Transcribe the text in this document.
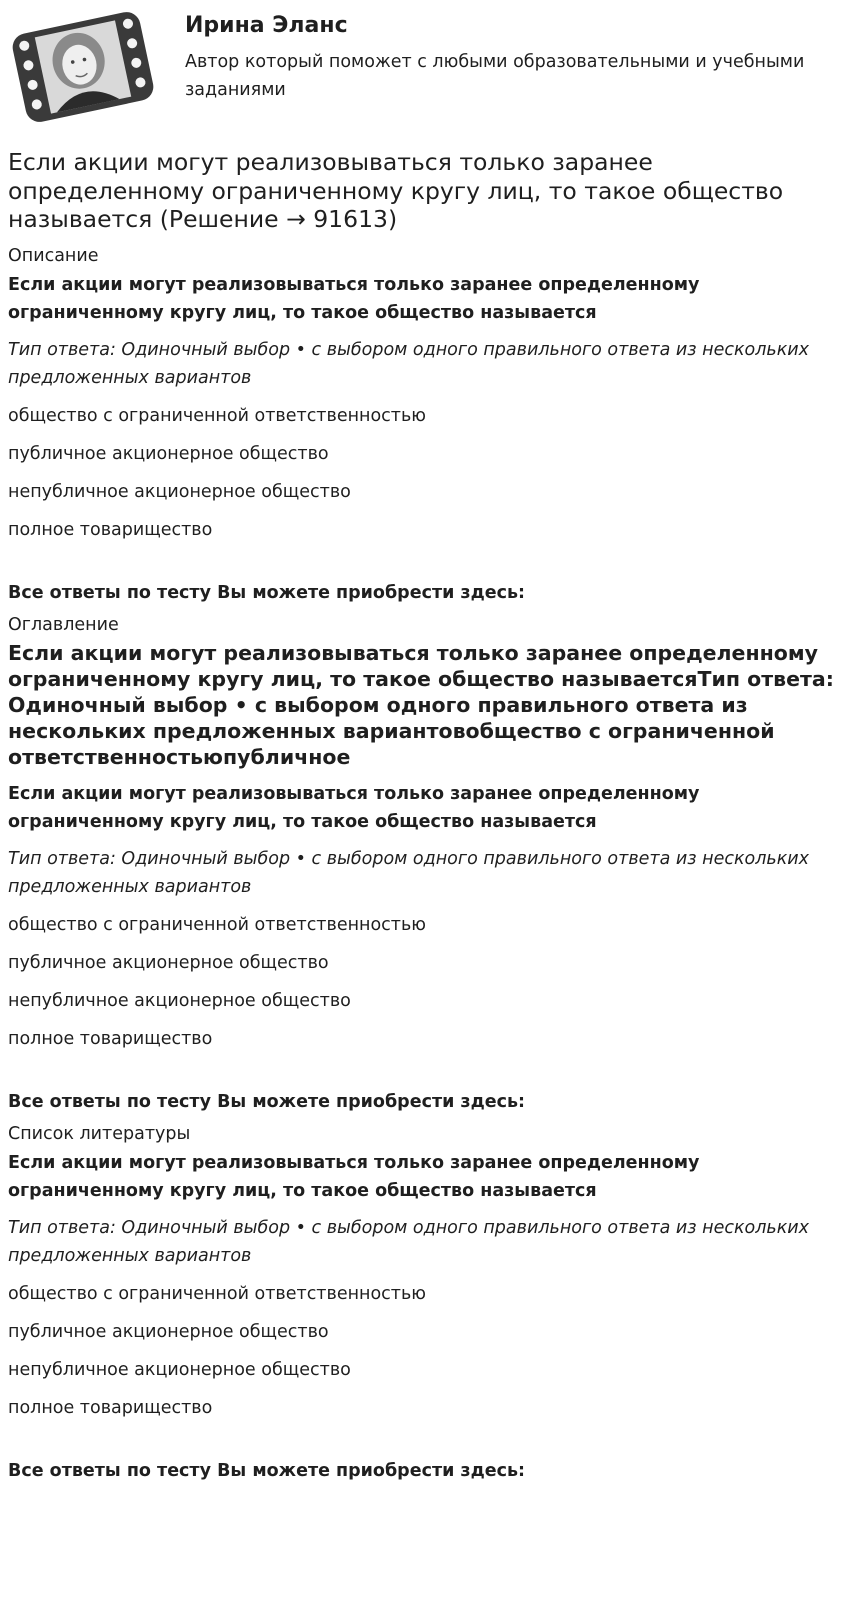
Ирина Эланс
Автор который поможет с любыми образовательными и учебными заданиями
Если акции могут реализовываться только заранее определенному ограниченному кругу лиц, то такое общество называется (Решение → 91613)
Описание
Если акции могут реализовываться только заранее определенному ограниченному кругу лиц, то такое общество называется
Тип ответа: Одиночный выбор • с выбором одного правильного ответа из нескольких предложенных вариантов
общество с ограниченной ответственностью
публичное акционерное общество
непубличное акционерное общество
полное товарищество
Все ответы по тесту Вы можете приобрести здесь:
Оглавление
Если акции могут реализовываться только заранее определенному ограниченному кругу лиц, то такое общество называетсяТип ответа: Одиночный выбор • с выбором одного правильного ответа из нескольких предложенных вариантовобщество с ограниченной ответственностьюпубличное
Если акции могут реализовываться только заранее определенному ограниченному кругу лиц, то такое общество называется
Тип ответа: Одиночный выбор • с выбором одного правильного ответа из нескольких предложенных вариантов
общество с ограниченной ответственностью
публичное акционерное общество
непубличное акционерное общество
полное товарищество
Все ответы по тесту Вы можете приобрести здесь:
Список литературы
Если акции могут реализовываться только заранее определенному ограниченному кругу лиц, то такое общество называется
Тип ответа: Одиночный выбор • с выбором одного правильного ответа из нескольких предложенных вариантов
общество с ограниченной ответственностью
публичное акционерное общество
непубличное акционерное общество
полное товарищество
Все ответы по тесту Вы можете приобрести здесь:
